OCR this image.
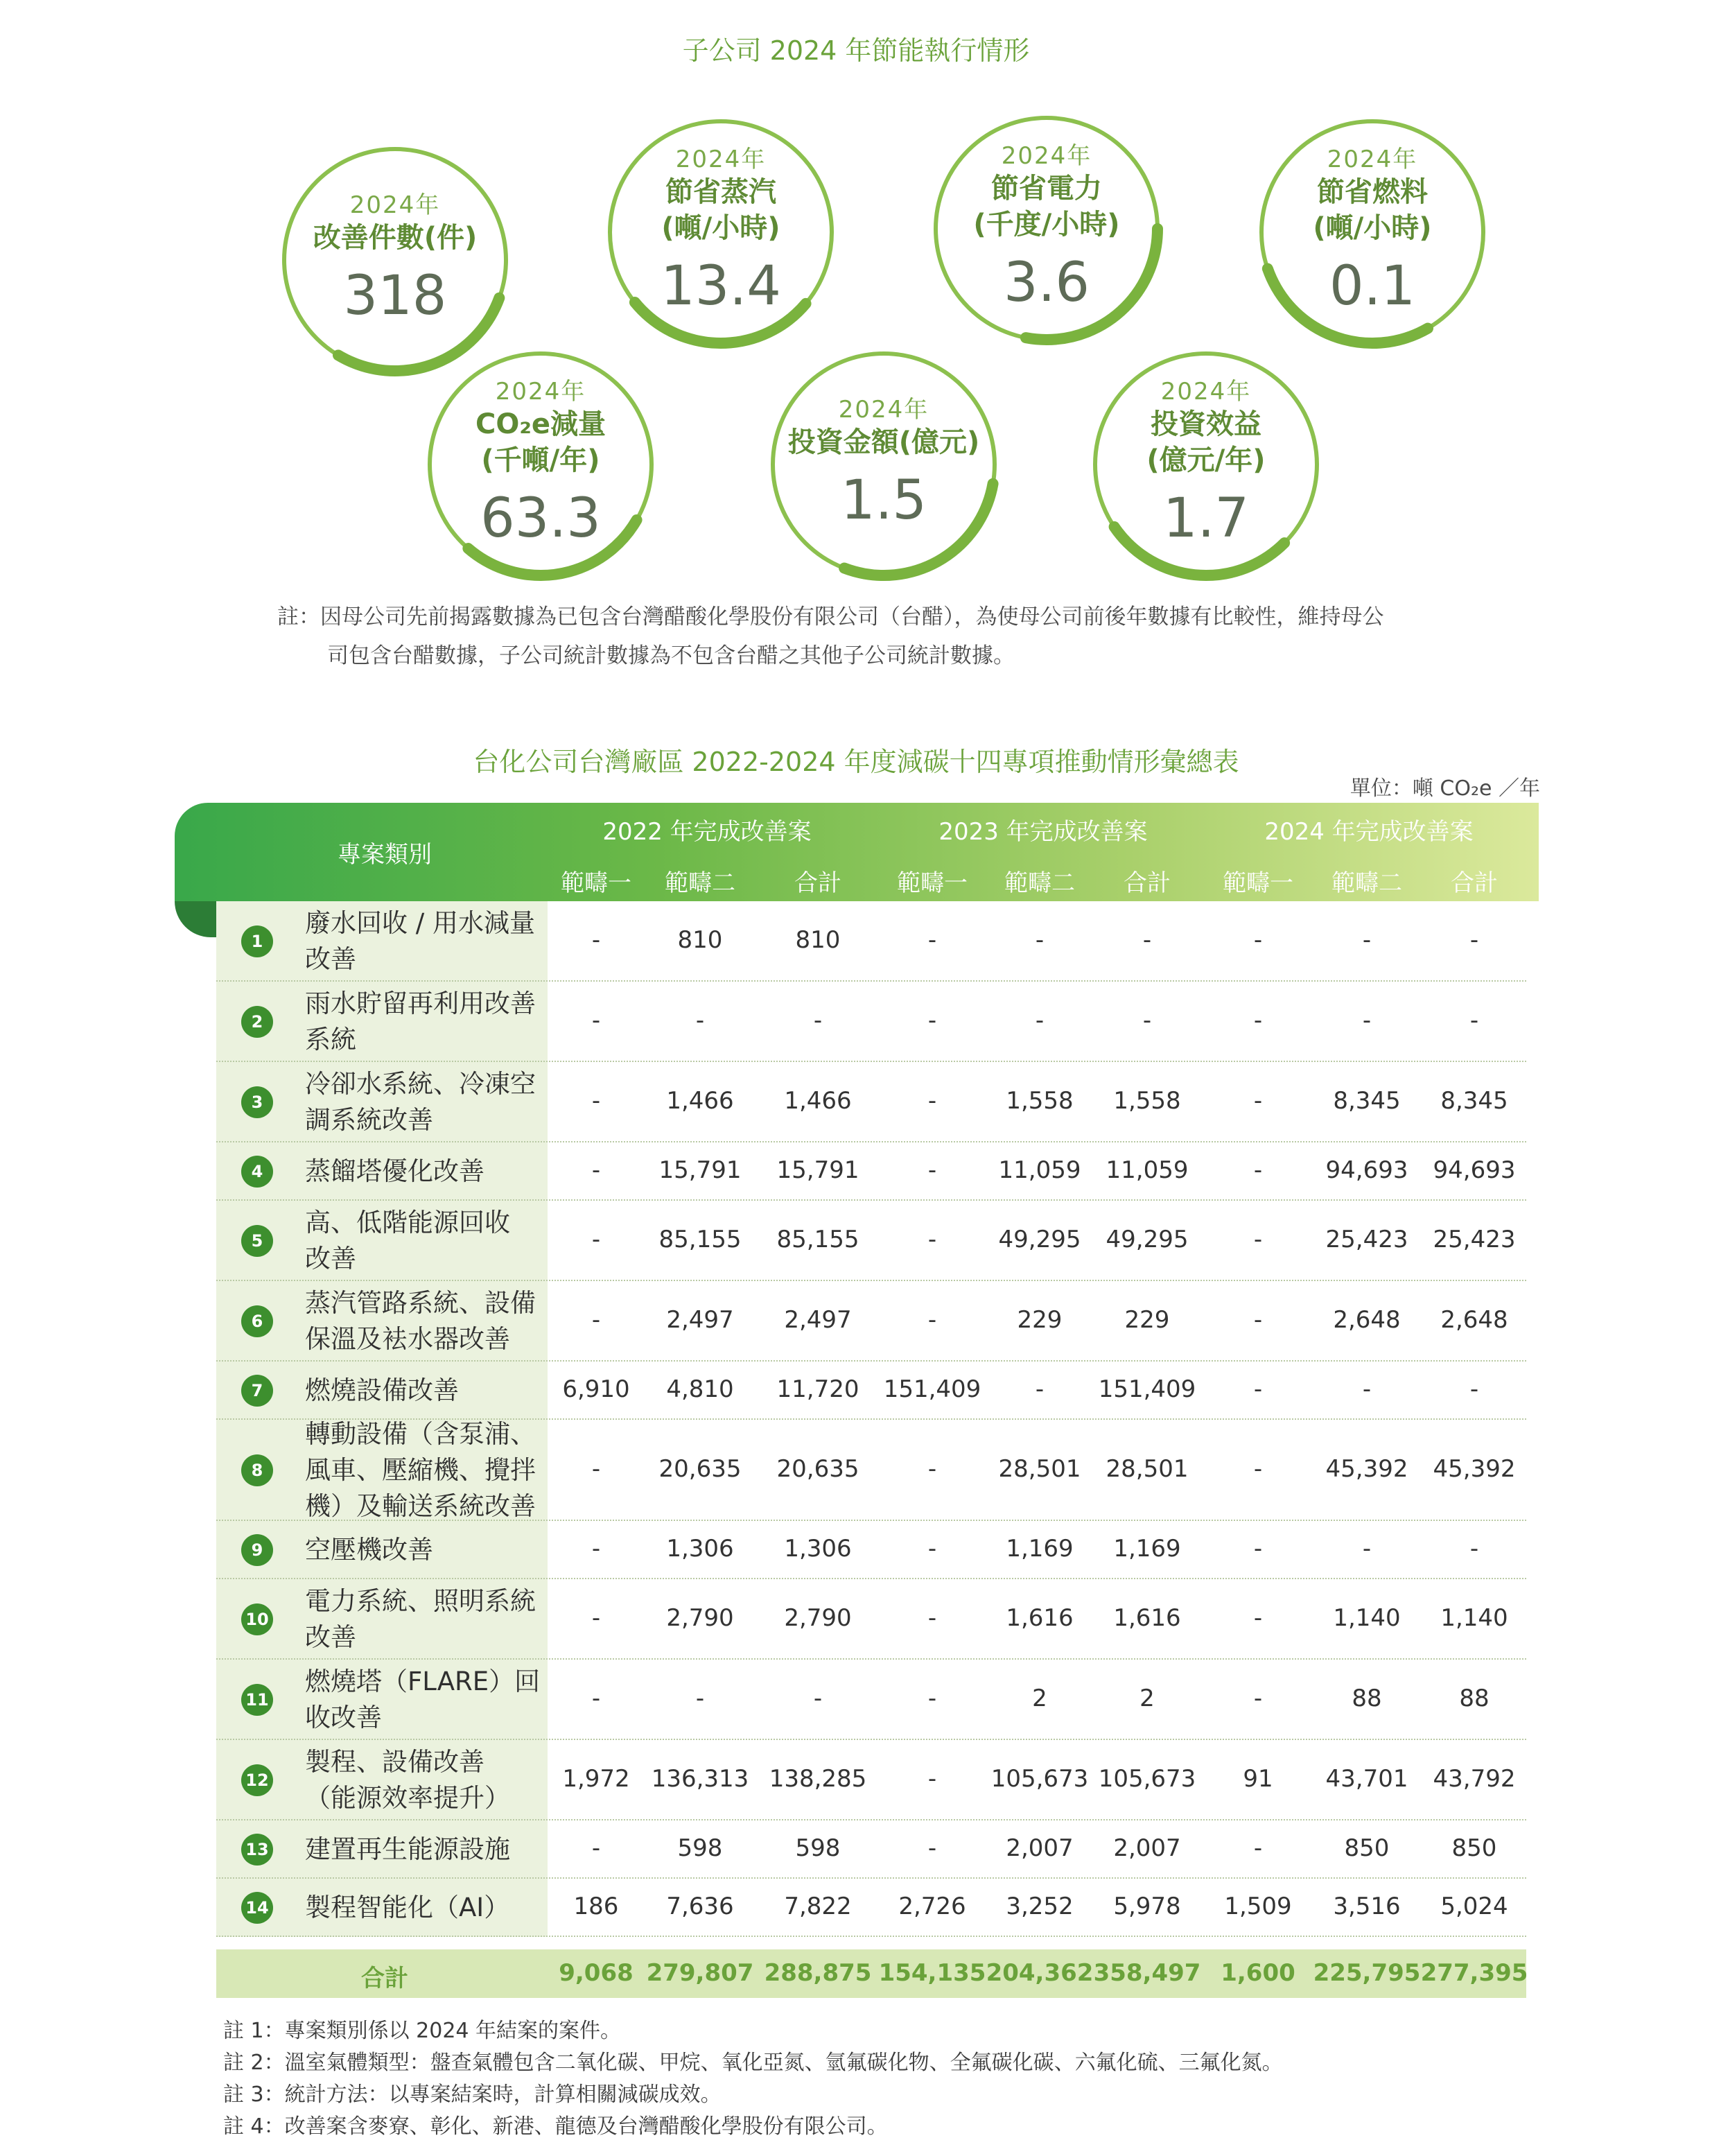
子公司 2024 年節能執行情形
2024年
改善件數(件)
318
2024年
節省蒸汽
(噸/小時)
13.4
2024年
節省電力
(千度/小時)
3.6
2024年
節省燃料
(噸/小時)
0.1
2024年
CO₂e減量
(千噸/年)
63.3
2024年
投資金額(億元)
1.5
2024年
投資效益
(億元/年)
1.7
註：因母公司先前揭露數據為已包含台灣醋酸化學股份有限公司（台醋），為使母公司前後年數據有比較性，維持母公
司包含台醋數據，子公司統計數據為不包含台醋之其他子公司統計數據。
台化公司台灣廠區 2022-2024 年度減碳十四專項推動情形彙總表
單位：噸 CO₂e ／年
專案類別
2022 年完成改善案	2023 年完成改善案	2024 年完成改善案
範疇一	範疇二	合計	範疇一	範疇二	合計	範疇一	範疇二	合計
1
廢水回收 / 用水減量
改善
-	810	810	-	-	-	-	-	-
2
雨水貯留再利用改善
系統
-	-	-	-	-	-	-	-	-
3
冷卻水系統、冷凍空
調系統改善
-	1,466	1,466	-	1,558	1,558	-	8,345	8,345
4	蒸餾塔優化改善	-	15,791	15,791	-	11,059	11,059	-	94,693	94,693
5
高、低階能源回收
改善
-	85,155	85,155	-	49,295	49,295	-	25,423	25,423
6
蒸汽管路系統、設備
保溫及袪水器改善
-	2,497	2,497	-	229	229	-	2,648	2,648
7	燃燒設備改善	6,910	4,810	11,720	151,409	-	151,409	-	-	-
8
轉動設備（含泵浦、
風車、壓縮機、攪拌
機）及輸送系統改善
-	20,635	20,635	-	28,501	28,501	-	45,392	45,392
9	空壓機改善	-	1,306	1,306	-	1,169	1,169	-	-	-
10
電力系統、照明系統
改善
-	2,790	2,790	-	1,616	1,616	-	1,140	1,140
11
燃燒塔（FLARE）回
收改善
-	-	-	-	2	2	-	88	88
12
製程、設備改善
（能源效率提升）
1,972 136,313 138,285	-	105,673 105,673	91	43,701	43,792
13 建置再生能源設施	-	598	598	-	2,007	2,007	-	850	850
14 製程智能化（AI）	186	7,636	7,822	2,726	3,252	5,978	1,509	3,516	5,024
合計	9,068 279,807 288,875 154,135 204,362 358,497 1,600 225,795 277,395
註 1：專案類別係以 2024 年結案的案件。
註 2：溫室氣體類型：盤查氣體包含二氧化碳、甲烷、氧化亞氮、氫氟碳化物、全氟碳化碳、六氟化硫、三氟化氮。
註 3：統計方法：以專案結案時，計算相關減碳成效。
註 4：改善案含麥寮、彰化、新港、龍德及台灣醋酸化學股份有限公司。
